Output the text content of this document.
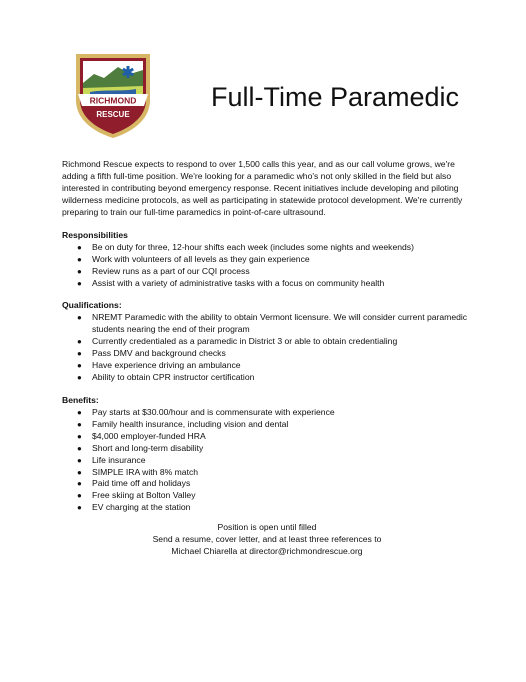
RICHMOND
RESCUE
Full-Time Paramedic

Richmond Rescue expects to respond to over 1,500 calls this year, and as our call volume grows, we're adding a fifth full-time position. We're looking for a paramedic who's not only skilled in the field but also interested in contributing beyond emergency response. Recent initiatives include developing and piloting wilderness medicine protocols, as well as participating in statewide protocol development. We're currently preparing to train our full-time paramedics in point-of-care ultrasound.

Responsibilities
● Be on duty for three, 12-hour shifts each week (includes some nights and weekends)
● Work with volunteers of all levels as they gain experience
● Review runs as a part of our CQI process
● Assist with a variety of administrative tasks with a focus on community health
Qualifications:
● NREMT Paramedic with the ability to obtain Vermont licensure. We will consider current paramedic students nearing the end of their program
● Currently credentialed as a paramedic in District 3 or able to obtain credentialing
● Pass DMV and background checks
● Have experience driving an ambulance
● Ability to obtain CPR instructor certification
Benefits:
● Pay starts at $30.00/hour and is commensurate with experience
● Family health insurance, including vision and dental
● $4,000 employer-funded HRA
● Short and long-term disability
● Life insurance
● SIMPLE IRA with 8% match
● Paid time off and holidays
● Free skiing at Bolton Valley
● EV charging at the station
Position is open until filled
Send a resume, cover letter, and at least three references to
Michael Chiarella at director@richmondrescue.org
